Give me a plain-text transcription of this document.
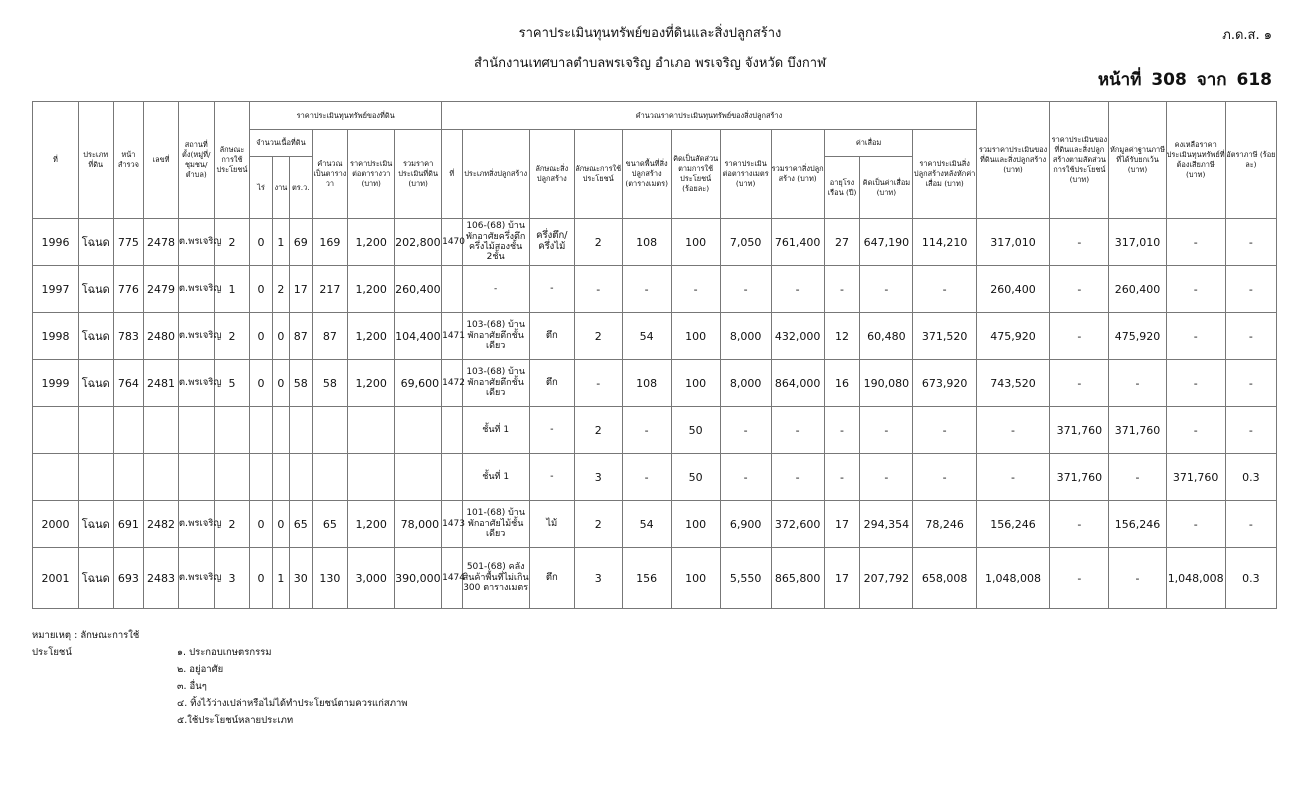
ราคาประเมินทุนทรัพย์ของที่ดินและสิ่งปลูกสร้าง
สำนักงานเทศบาลตำบลพรเจริญ อำเภอ พรเจริญ จังหวัด บึงกาฬ
ภ.ด.ส. ๑
หน้าที่ 308 จาก 618
ที่	ประเภทที่ดิน	หน้าสำรวจ	เลขที่	สถานที่ตั้ง(หมู่ที่/ชุมชน/ตำบล)	ลักษณะการใช้ประโยชน์	ราคาประเมินทุนทรัพย์ของที่ดิน						คำนวณราคาประเมินทุนทรัพย์ของสิ่งปลูกสร้าง											รวมราคาประเมินของที่ดินและสิ่งปลูกสร้าง (บาท)	ราคาประเมินของที่ดินและสิ่งปลูกสร้างตามสัดส่วนการใช้ประโยชน์ (บาท)	หักมูลค่าฐานภาษีที่ได้รับยกเว้น (บาท)	คงเหลือราคาประเมินทุนทรัพย์ที่ต้องเสียภาษี (บาท)	อัตราภาษี (ร้อยละ)
						จำนวนเนื้อที่ดิน			คำนวณเป็นตารางวา	ราคาประเมินต่อตารางวา (บาท)	รวมราคาประเมินที่ดิน (บาท)	ที่	ประเภทสิ่งปลูกสร้าง	ลักษณะสิ่งปลูกสร้าง	ลักษณะการใช้ประโยชน์	ขนาดพื้นที่สิ่งปลูกสร้าง (ตารางเมตร)	คิดเป็นสัดส่วนตามการใช้ประโยชน์ (ร้อยละ)	ราคาประเมินต่อตารางเมตร (บาท)	รวมราคาสิ่งปลูกสร้าง (บาท)	ค่าเสื่อม		ราคาประเมินสิ่งปลูกสร้างหลังหักค่าเสื่อม (บาท)					
						ไร่	งาน	ตร.ว.												อายุโรงเรือน (ปี)	คิดเป็นค่าเสื่อม (บาท)						
1996	โฉนด	775	2478	ต.พรเจริญ	2	0	1	69	169	1,200	202,800	1470	106-(68) บ้านพักอาศัยครึ่งตึกครึ่งไม้สองชั้น 2ชั้น	ครึ่งตึก/ครึ่งไม้	2	108	100	7,050	761,400	27	647,190	114,210	317,010	-	317,010	-	-
1997	โฉนด	776	2479	ต.พรเจริญ	1	0	2	17	217	1,200	260,400		-	-	-	-	-	-	-	-	-	-	260,400	-	260,400	-	-
1998	โฉนด	783	2480	ต.พรเจริญ	2	0	0	87	87	1,200	104,400	1471	103-(68) บ้านพักอาศัยตึกชั้นเดียว	ตึก	2	54	100	8,000	432,000	12	60,480	371,520	475,920	-	475,920	-	-
1999	โฉนด	764	2481	ต.พรเจริญ	5	0	0	58	58	1,200	69,600	1472	103-(68) บ้านพักอาศัยตึกชั้นเดียว	ตึก	-	108	100	8,000	864,000	16	190,080	673,920	743,520	-	-	-	-
													ชั้นที่ 1	-	2	-	50	-	-	-	-	-	-	371,760	371,760	-	-
													ชั้นที่ 1	-	3	-	50	-	-	-	-	-	-	371,760	-	371,760	0.3
2000	โฉนด	691	2482	ต.พรเจริญ	2	0	0	65	65	1,200	78,000	1473	101-(68) บ้านพักอาศัยไม้ชั้นเดียว	ไม้	2	54	100	6,900	372,600	17	294,354	78,246	156,246	-	156,246	-	-
2001	โฉนด	693	2483	ต.พรเจริญ	3	0	1	30	130	3,000	390,000	1474	501-(68) คลังสินค้าพื้นที่ไม่เกิน 300 ตารางเมตร	ตึก	3	156	100	5,550	865,800	17	207,792	658,008	1,048,008	-	-	1,048,008	0.3
หมายเหตุ : ลักษณะการใช้ประโยชน์	๑. ประกอบเกษตรกรรม
๒. อยู่อาศัย
๓. อื่นๆ
๔. ทิ้งไว้ว่างเปล่าหรือไม่ได้ทำประโยชน์ตามควรแก่สภาพ
๕.ใช้ประโยชน์หลายประเภท
